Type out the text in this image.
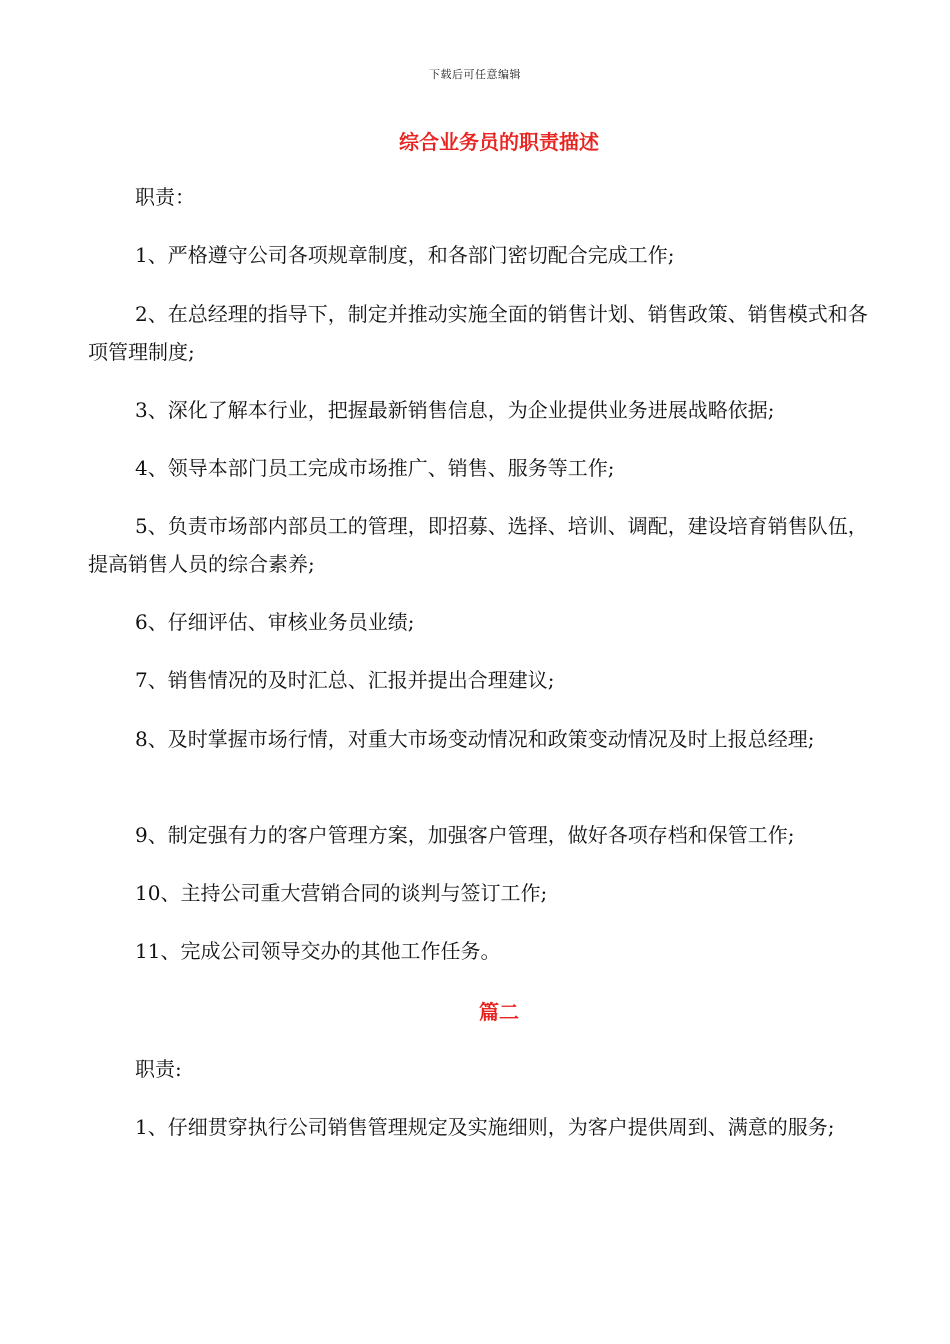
下载后可任意编辑
综合业务员的职责描述
职责：
1、严格遵守公司各项规章制度，和各部门密切配合完成工作;
2、在总经理的指导下，制定并推动实施全面的销售计划、销售政策、销售模式和各项管理制度;
3、深化了解本行业，把握最新销售信息，为企业提供业务进展战略依据;
4、领导本部门员工完成市场推广、销售、服务等工作;
5、负责市场部内部员工的管理，即招募、选择、培训、调配，建设培育销售队伍，提高销售人员的综合素养;
6、仔细评估、审核业务员业绩;
7、销售情况的及时汇总、汇报并提出合理建议;
8、及时掌握市场行情，对重大市场变动情况和政策变动情况及时上报总经理;
9、制定强有力的客户管理方案，加强客户管理，做好各项存档和保管工作;
10、主持公司重大营销合同的谈判与签订工作;
11、完成公司领导交办的其他工作任务。
篇二
职责:
1、仔细贯穿执行公司销售管理规定及实施细则，为客户提供周到、满意的服务;
